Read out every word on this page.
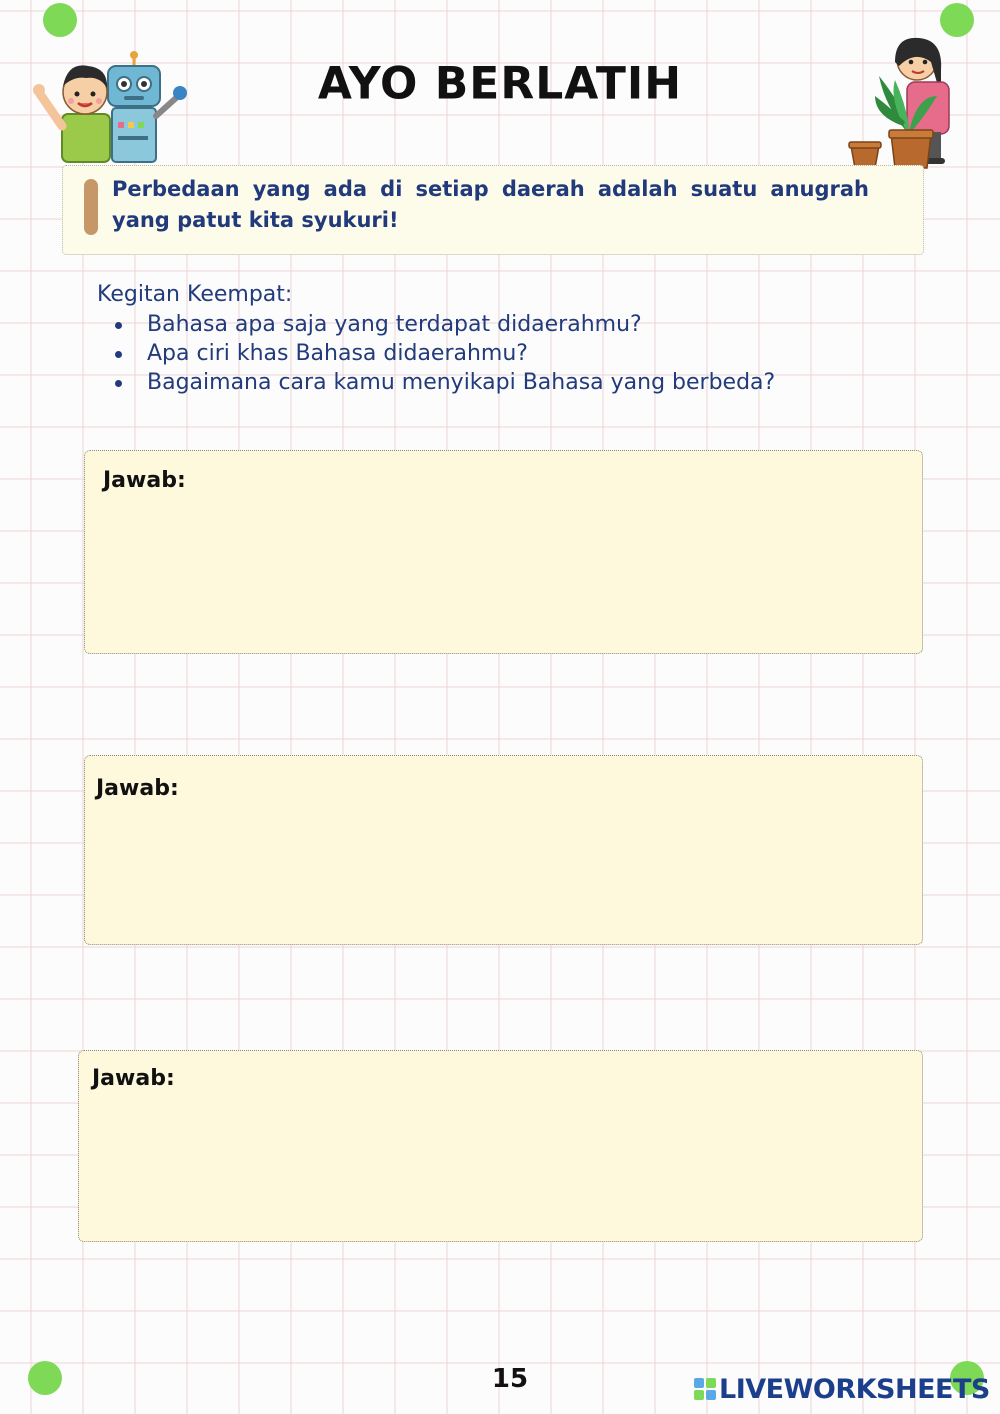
AYO BERLATIH

Perbedaan yang ada di setiap daerah adalah suatu anugrah yang patut kita syukuri!

Kegitan Keempat:
Bahasa apa saja yang terdapat didaerahmu?
Apa ciri khas Bahasa didaerahmu?
Bagaimana cara kamu menyikapi Bahasa yang berbeda?
Jawab:
Jawab:
Jawab:
15	LIVEWORKSHEETS
